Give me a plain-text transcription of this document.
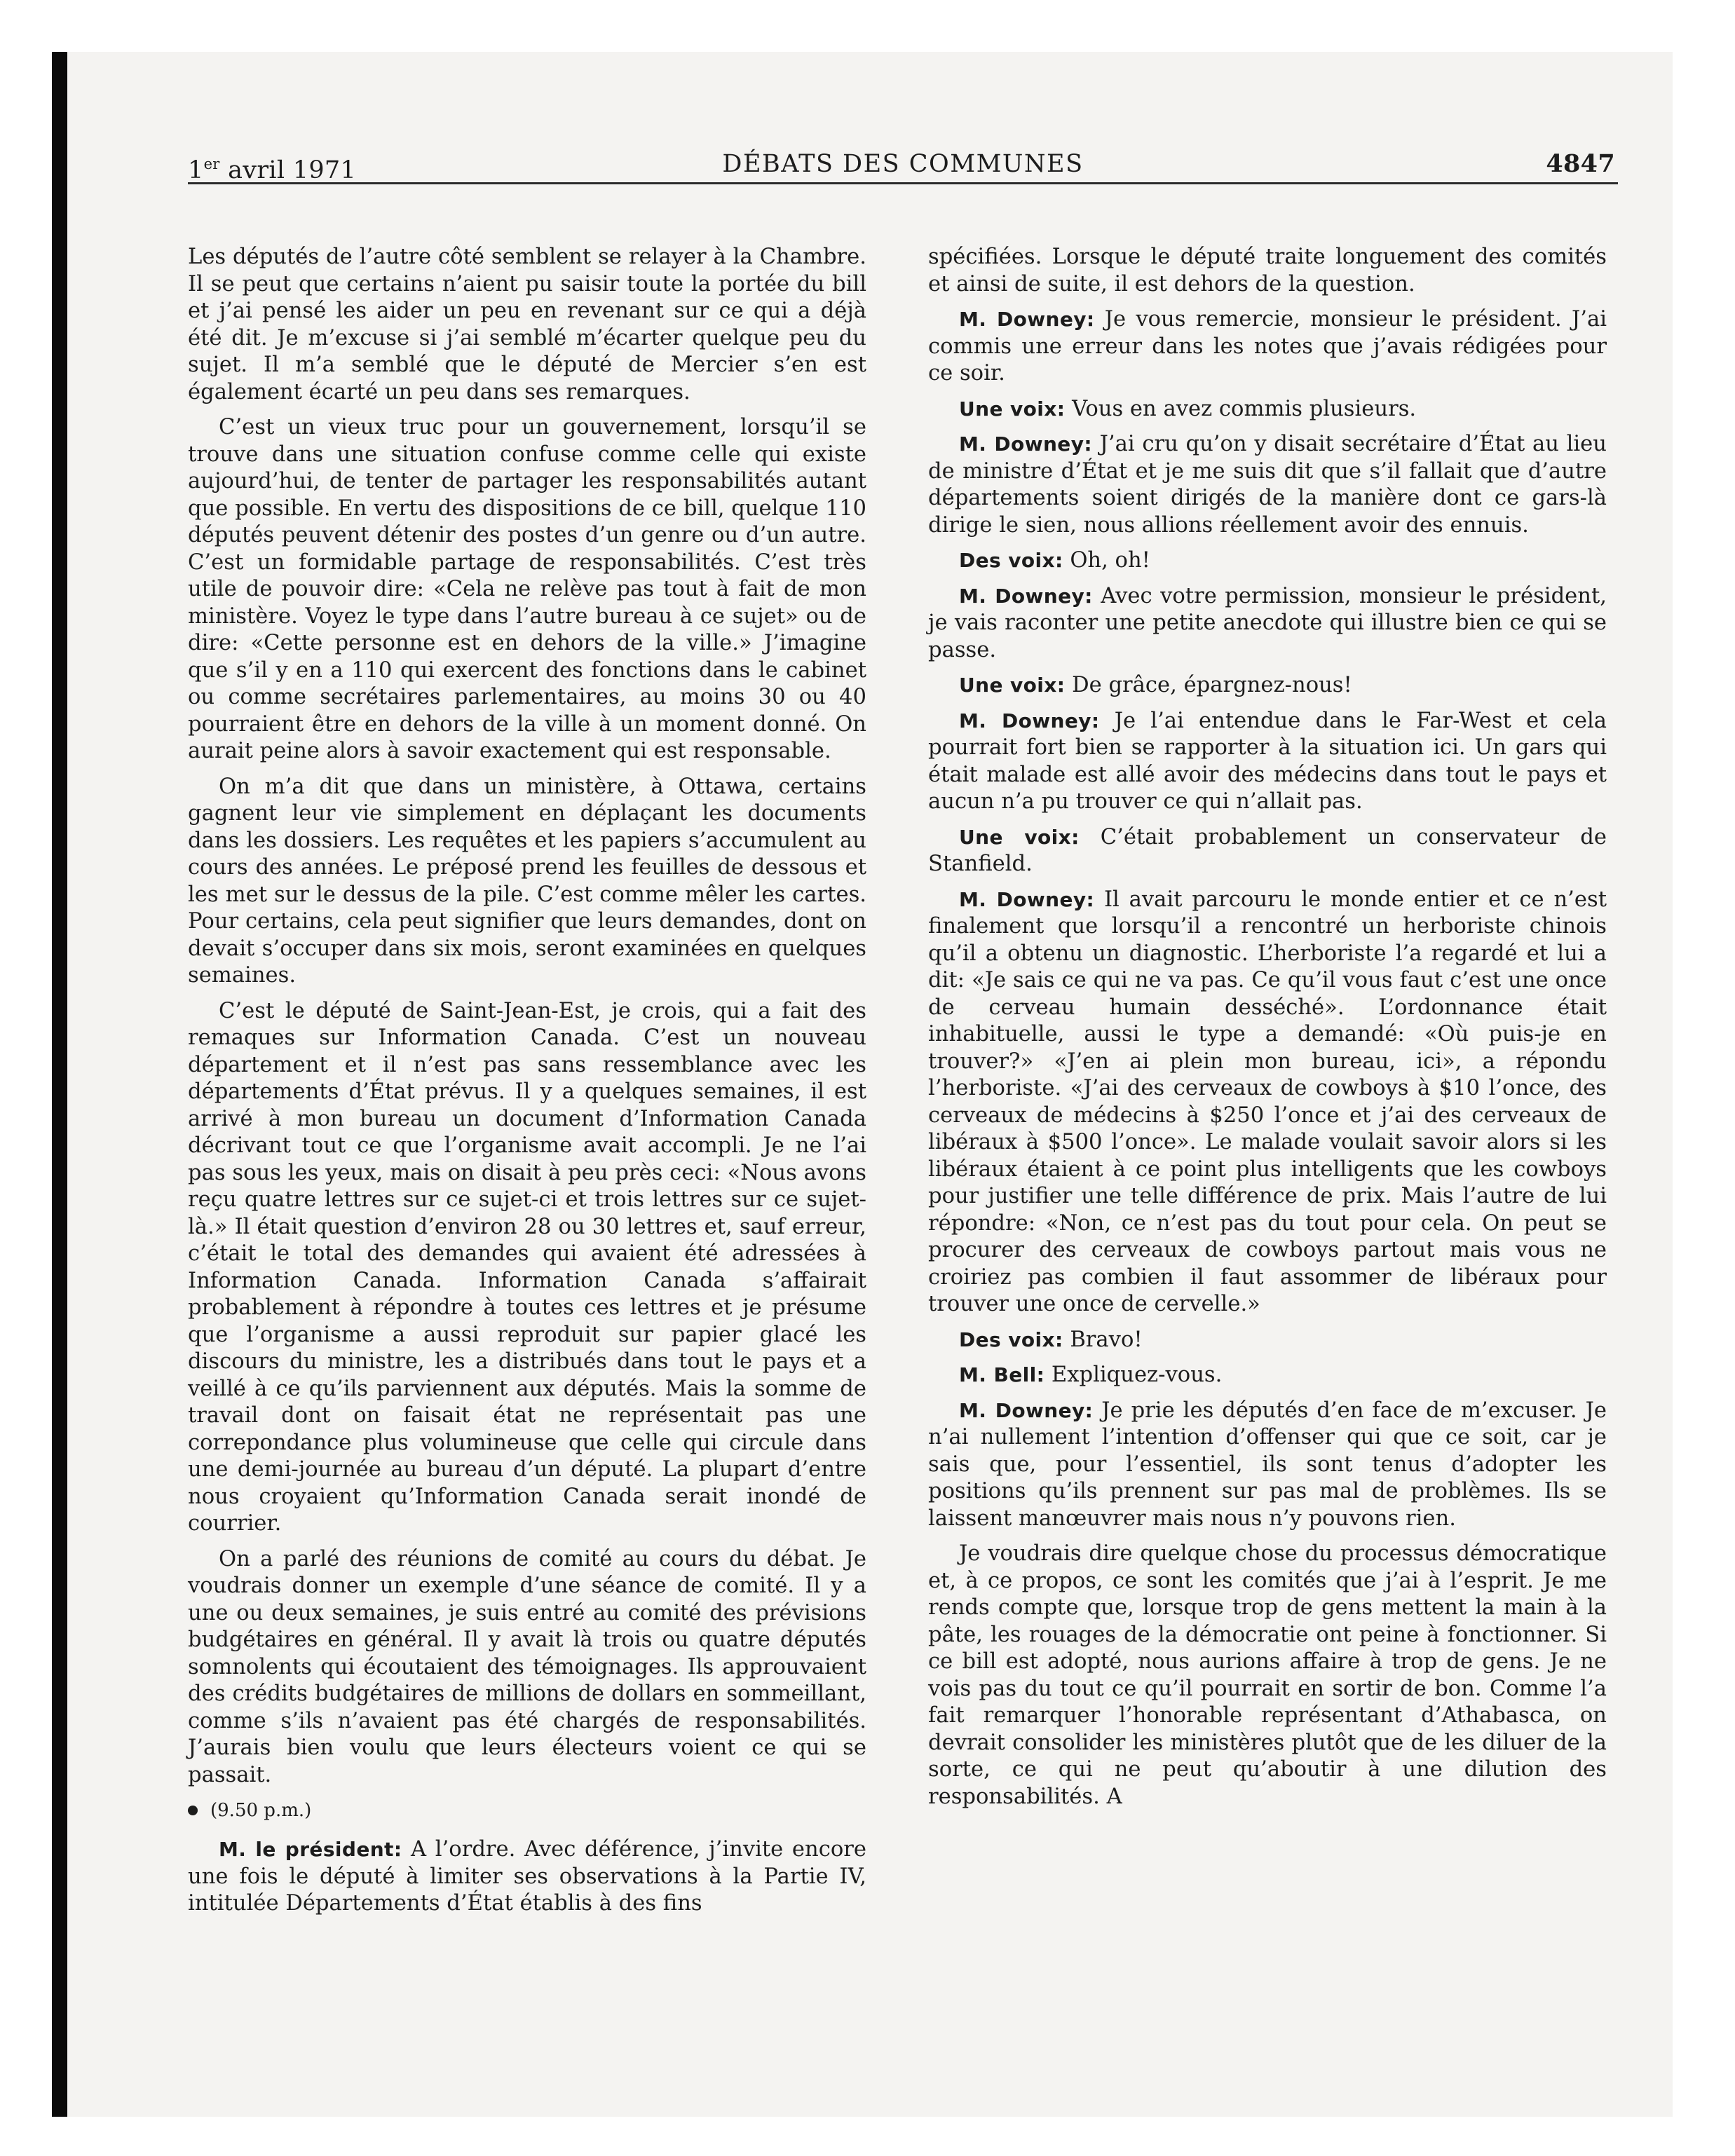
1er avril 1971	DÉBATS DES COMMUNES	4847

Les députés de l’autre côté semblent se relayer à la Chambre. Il se peut que certains n’aient pu saisir toute la portée du bill et j’ai pensé les aider un peu en revenant sur ce qui a déjà été dit. Je m’excuse si j’ai semblé m’écarter quelque peu du sujet. Il m’a semblé que le député de Mercier s’en est également écarté un peu dans ses remarques.

C’est un vieux truc pour un gouvernement, lorsqu’il se trouve dans une situation confuse comme celle qui existe aujourd’hui, de tenter de partager les responsabilités autant que possible. En vertu des dispositions de ce bill, quelque 110 députés peuvent détenir des postes d’un genre ou d’un autre. C’est un formidable partage de responsabilités. C’est très utile de pouvoir dire: «Cela ne relève pas tout à fait de mon ministère. Voyez le type dans l’autre bureau à ce sujet» ou de dire: «Cette personne est en dehors de la ville.» J’imagine que s’il y en a 110 qui exercent des fonctions dans le cabinet ou comme secrétaires parlementaires, au moins 30 ou 40 pourraient être en dehors de la ville à un moment donné. On aurait peine alors à savoir exactement qui est responsable.

On m’a dit que dans un ministère, à Ottawa, certains gagnent leur vie simplement en déplaçant les documents dans les dossiers. Les requêtes et les papiers s’accumulent au cours des années. Le préposé prend les feuilles de dessous et les met sur le dessus de la pile. C’est comme mêler les cartes. Pour certains, cela peut signifier que leurs demandes, dont on devait s’occuper dans six mois, seront examinées en quelques semaines.

C’est le député de Saint-Jean-Est, je crois, qui a fait des remaques sur Information Canada. C’est un nouveau département et il n’est pas sans ressemblance avec les départements d’État prévus. Il y a quelques semaines, il est arrivé à mon bureau un document d’Information Canada décrivant tout ce que l’organisme avait accompli. Je ne l’ai pas sous les yeux, mais on disait à peu près ceci: «Nous avons reçu quatre lettres sur ce sujet-ci et trois lettres sur ce sujet-là.» Il était question d’environ 28 ou 30 lettres et, sauf erreur, c’était le total des demandes qui avaient été adressées à Information Canada. Information Canada s’affairait probablement à répondre à toutes ces lettres et je présume que l’organisme a aussi reproduit sur papier glacé les discours du ministre, les a distribués dans tout le pays et a veillé à ce qu’ils parviennent aux députés. Mais la somme de travail dont on faisait état ne représentait pas une correpondance plus volumineuse que celle qui circule dans une demi-journée au bureau d’un député. La plupart d’entre nous croyaient qu’Information Canada serait inondé de courrier.

On a parlé des réunions de comité au cours du débat. Je voudrais donner un exemple d’une séance de comité. Il y a une ou deux semaines, je suis entré au comité des prévisions budgétaires en général. Il y avait là trois ou quatre députés somnolents qui écoutaient des témoignages. Ils approuvaient des crédits budgétaires de millions de dollars en sommeillant, comme s’ils n’avaient pas été chargés de responsabilités. J’aurais bien voulu que leurs électeurs voient ce qui se passait.

(9.50 p.m.)

M. le président: A l’ordre. Avec déférence, j’invite encore une fois le député à limiter ses observations à la Partie IV, intitulée Départements d’État établis à des fins

spécifiées. Lorsque le député traite longuement des comités et ainsi de suite, il est dehors de la question.

M. Downey: Je vous remercie, monsieur le président. J’ai commis une erreur dans les notes que j’avais rédigées pour ce soir.

Une voix: Vous en avez commis plusieurs.

M. Downey: J’ai cru qu’on y disait secrétaire d’État au lieu de ministre d’État et je me suis dit que s’il fallait que d’autre départements soient dirigés de la manière dont ce gars-là dirige le sien, nous allions réellement avoir des ennuis.

Des voix: Oh, oh!

M. Downey: Avec votre permission, monsieur le président, je vais raconter une petite anecdote qui illustre bien ce qui se passe.

Une voix: De grâce, épargnez-nous!

M. Downey: Je l’ai entendue dans le Far-West et cela pourrait fort bien se rapporter à la situation ici. Un gars qui était malade est allé avoir des médecins dans tout le pays et aucun n’a pu trouver ce qui n’allait pas.

Une voix: C’était probablement un conservateur de Stanfield.

M. Downey: Il avait parcouru le monde entier et ce n’est finalement que lorsqu’il a rencontré un herboriste chinois qu’il a obtenu un diagnostic. L’herboriste l’a regardé et lui a dit: «Je sais ce qui ne va pas. Ce qu’il vous faut c’est une once de cerveau humain desséché». L’ordonnance était inhabituelle, aussi le type a demandé: «Où puis-je en trouver?» «J’en ai plein mon bureau, ici», a répondu l’herboriste. «J’ai des cerveaux de cowboys à $10 l’once, des cerveaux de médecins à $250 l’once et j’ai des cerveaux de libéraux à $500 l’once». Le malade voulait savoir alors si les libéraux étaient à ce point plus intelligents que les cowboys pour justifier une telle différence de prix. Mais l’autre de lui répondre: «Non, ce n’est pas du tout pour cela. On peut se procurer des cerveaux de cowboys partout mais vous ne croiriez pas combien il faut assommer de libéraux pour trouver une once de cervelle.»

Des voix: Bravo!

M. Bell: Expliquez-vous.

M. Downey: Je prie les députés d’en face de m’excuser. Je n’ai nullement l’intention d’offenser qui que ce soit, car je sais que, pour l’essentiel, ils sont tenus d’adopter les positions qu’ils prennent sur pas mal de problèmes. Ils se laissent manœuvrer mais nous n’y pouvons rien.

Je voudrais dire quelque chose du processus démocratique et, à ce propos, ce sont les comités que j’ai à l’esprit. Je me rends compte que, lorsque trop de gens mettent la main à la pâte, les rouages de la démocratie ont peine à fonctionner. Si ce bill est adopté, nous aurions affaire à trop de gens. Je ne vois pas du tout ce qu’il pourrait en sortir de bon. Comme l’a fait remarquer l’honorable représentant d’Athabasca, on devrait consolider les ministères plutôt que de les diluer de la sorte, ce qui ne peut qu’aboutir à une dilution des responsabilités. A
